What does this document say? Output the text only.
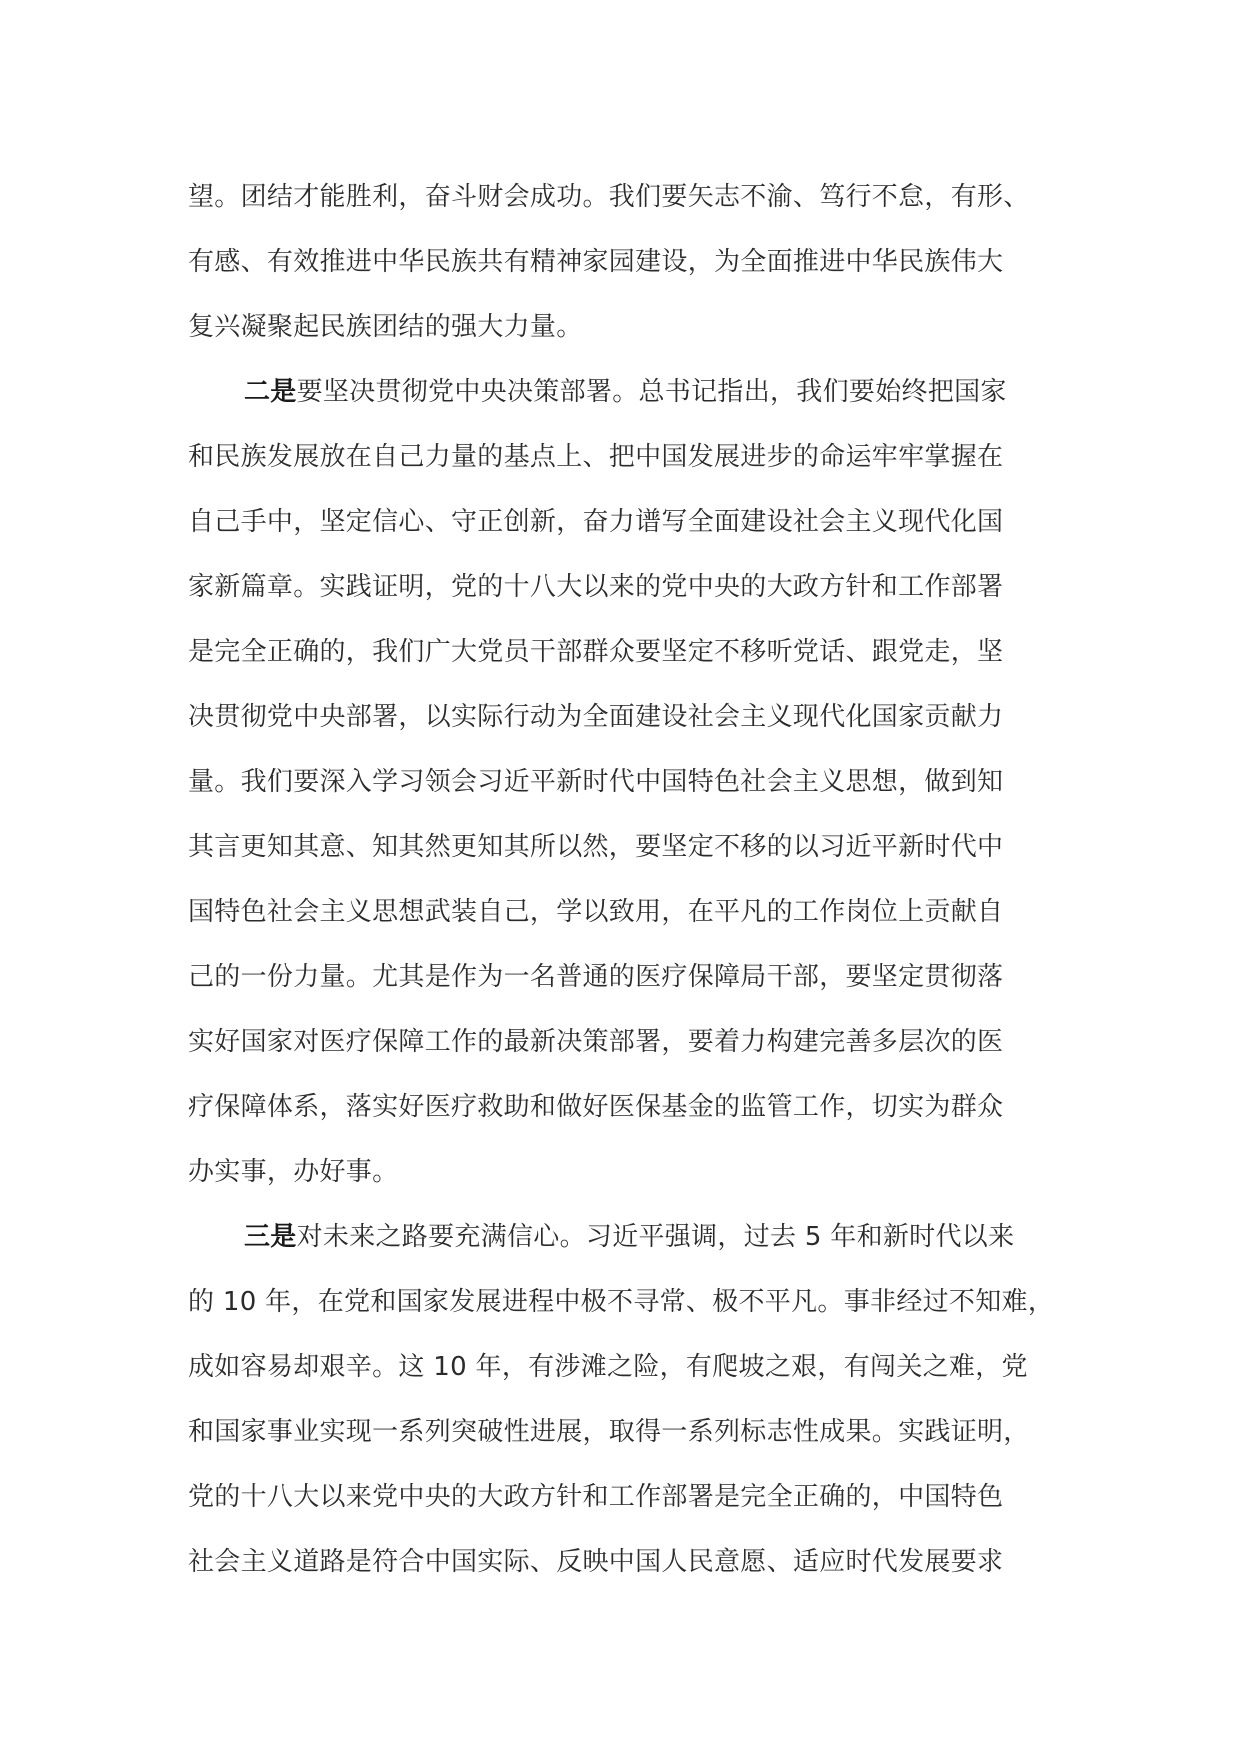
望。团结才能胜利，奋斗财会成功。我们要矢志不渝、笃行不怠，有形、
有感、有效推进中华民族共有精神家园建设，为全面推进中华民族伟大
复兴凝聚起民族团结的强大力量。
二是要坚决贯彻党中央决策部署。总书记指出，我们要始终把国家
和民族发展放在自己力量的基点上、把中国发展进步的命运牢牢掌握在
自己手中，坚定信心、守正创新，奋力谱写全面建设社会主义现代化国
家新篇章。实践证明，党的十八大以来的党中央的大政方针和工作部署
是完全正确的，我们广大党员干部群众要坚定不移听党话、跟党走，坚
决贯彻党中央部署，以实际行动为全面建设社会主义现代化国家贡献力
量。我们要深入学习领会习近平新时代中国特色社会主义思想，做到知
其言更知其意、知其然更知其所以然，要坚定不移的以习近平新时代中
国特色社会主义思想武装自己，学以致用，在平凡的工作岗位上贡献自
己的一份力量。尤其是作为一名普通的医疗保障局干部，要坚定贯彻落
实好国家对医疗保障工作的最新决策部署，要着力构建完善多层次的医
疗保障体系，落实好医疗救助和做好医保基金的监管工作，切实为群众
办实事，办好事。
三是对未来之路要充满信心。习近平强调，过去 5 年和新时代以来
的 10 年，在党和国家发展进程中极不寻常、极不平凡。事非经过不知难，
成如容易却艰辛。这 10 年，有涉滩之险，有爬坡之艰，有闯关之难，党
和国家事业实现一系列突破性进展，取得一系列标志性成果。实践证明，
党的十八大以来党中央的大政方针和工作部署是完全正确的，中国特色
社会主义道路是符合中国实际、反映中国人民意愿、适应时代发展要求
